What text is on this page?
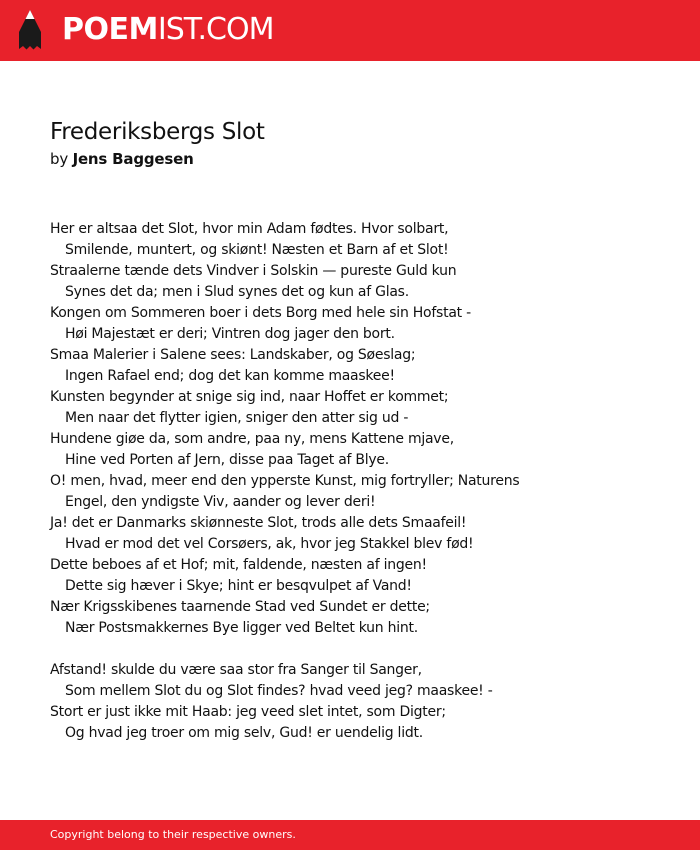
POEMIST.COM
Frederiksbergs Slot
by Jens Baggesen
Her er altsaa det Slot, hvor min Adam fødtes. Hvor solbart,
Smilende, muntert, og skiønt! Næsten et Barn af et Slot!
Straalerne tænde dets Vindver i Solskin — pureste Guld kun
Synes det da; men i Slud synes det og kun af Glas.
Kongen om Sommeren boer i dets Borg med hele sin Hofstat -
Høi Majestæt er deri; Vintren dog jager den bort.
Smaa Malerier i Salene sees: Landskaber, og Søeslag;
Ingen Rafael end; dog det kan komme maaskee!
Kunsten begynder at snige sig ind, naar Hoffet er kommet;
Men naar det flytter igien, sniger den atter sig ud -
Hundene giøe da, som andre, paa ny, mens Kattene mjave,
Hine ved Porten af Jern, disse paa Taget af Blye.
O! men, hvad, meer end den ypperste Kunst, mig fortryller; Naturens
Engel, den yndigste Viv, aander og lever deri!
Ja! det er Danmarks skiønneste Slot, trods alle dets Smaafeil!
Hvad er mod det vel Corsøers, ak, hvor jeg Stakkel blev fød!
Dette beboes af et Hof; mit, faldende, næsten af ingen!
Dette sig hæver i Skye; hint er besqvulpet af Vand!
Nær Krigsskibenes taarnende Stad ved Sundet er dette;
Nær Postsmakkernes Bye ligger ved Beltet kun hint.
Afstand! skulde du være saa stor fra Sanger til Sanger,
Som mellem Slot du og Slot findes? hvad veed jeg? maaskee! -
Stort er just ikke mit Haab: jeg veed slet intet, som Digter;
Og hvad jeg troer om mig selv, Gud! er uendelig lidt.
Copyright belong to their respective owners.
